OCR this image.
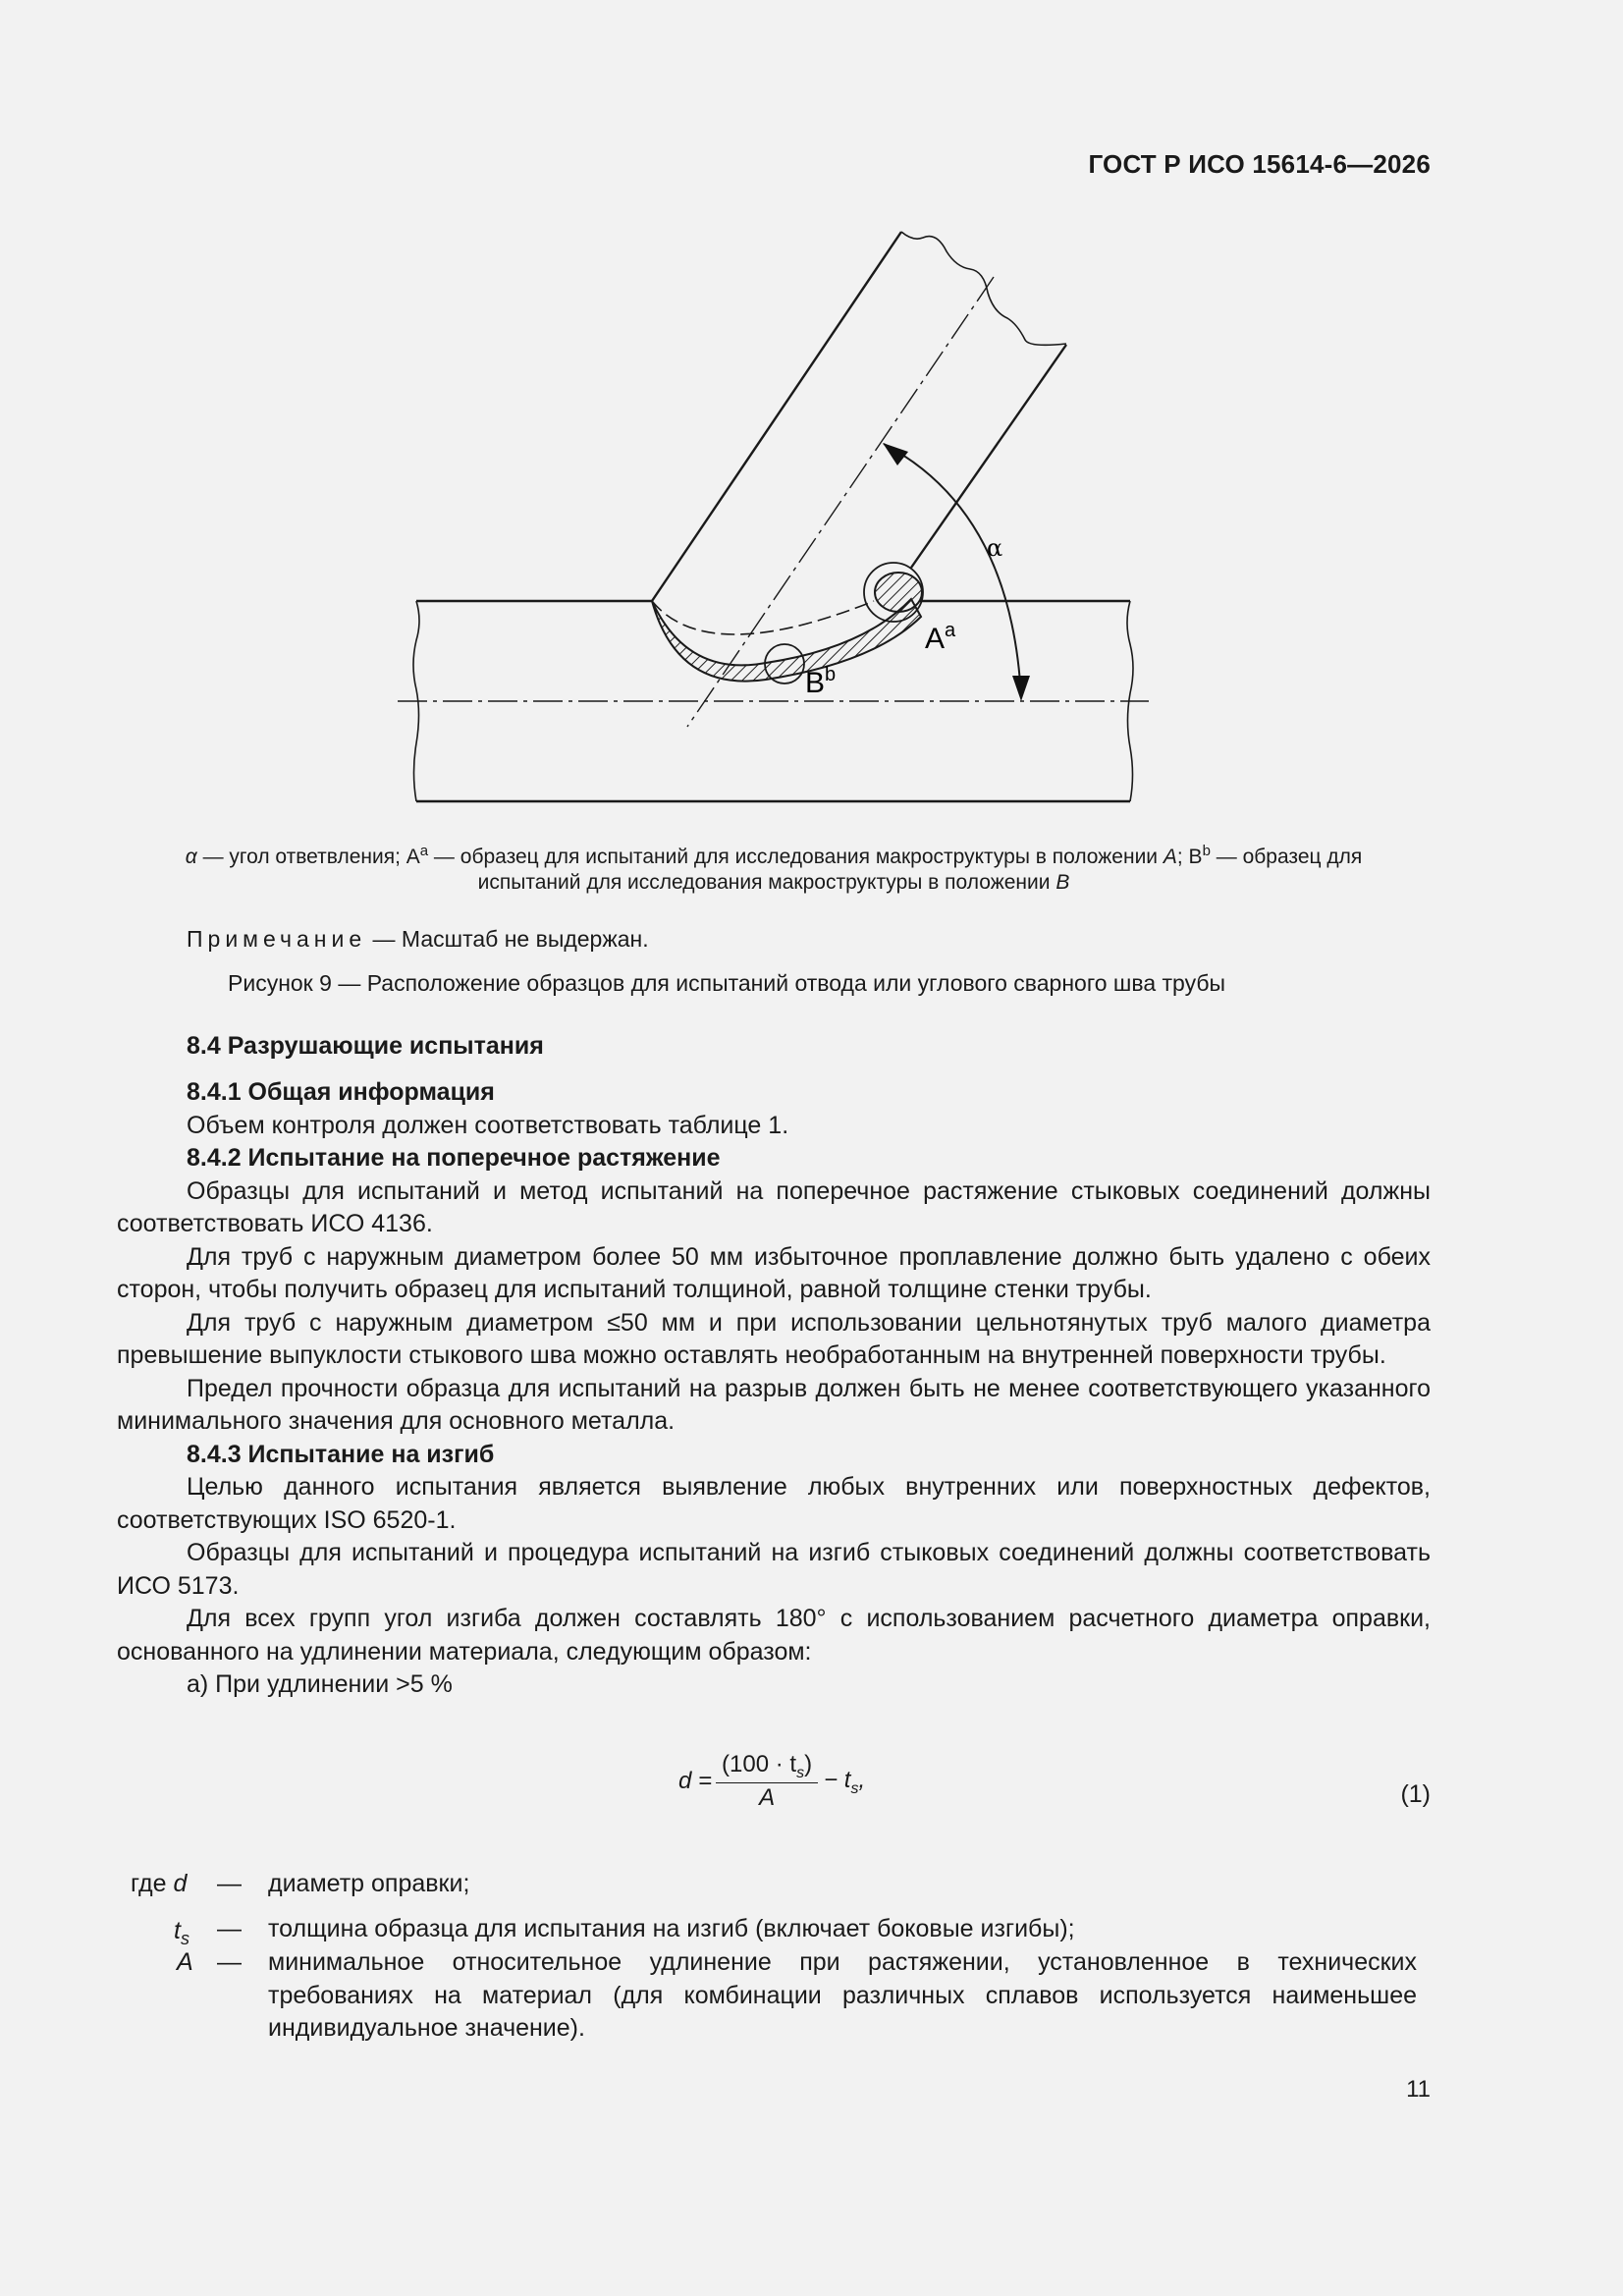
ГОСТ Р ИСО 15614-6—2026
α
$A^a$
$B^b$
α — угол ответвления; $A^a$ — образец для испытаний для исследования макроструктуры в положении A; $B^b$ — образец для
испытаний для исследования макроструктуры в положении B
Примечание — Масштаб не выдержан.
Рисунок 9 — Расположение образцов для испытаний отвода или углового сварного шва трубы
8.4 Разрушающие испытания

8.4.1 Общая информация

Объем контроля должен соответствовать таблице 1.

8.4.2 Испытание на поперечное растяжение

Образцы для испытаний и метод испытаний на поперечное растяжение стыковых соединений должны соответствовать ИСО 4136.

Для труб с наружным диаметром более 50 мм избыточное проплавление должно быть удалено с обеих сторон, чтобы получить образец для испытаний толщиной, равной толщине стенки трубы.

Для труб с наружным диаметром ≤50 мм и при использовании цельнотянутых труб малого диаметра превышение выпуклости стыкового шва можно оставлять необработанным на внутренней поверхности трубы.

Предел прочности образца для испытаний на разрыв должен быть не менее соответствующего указанного минимального значения для основного металла.

8.4.3 Испытание на изгиб

Целью данного испытания является выявление любых внутренних или поверхностных дефектов, соответствующих ISO 6520-1.

Образцы для испытаний и процедура испытаний на изгиб стыковых соединений должны соответствовать ИСО 5173.

Для всех групп угол изгиба должен составлять 180° с использованием расчетного диаметра оправки, основанного на удлинении материала, следующим образом:

а) При удлинении >5 %

d =	$(100 \cdot t_s)$	− $t_s$,
A	(1)
где d — диаметр оправки;
$t_s$ — толщина образца для испытания на изгиб (включает боковые изгибы);
A — минимальное относительное удлинение при растяжении, установленное в технических
требованиях на материал (для комбинации различных сплавов используется наименьшее
индивидуальное значение).
11
